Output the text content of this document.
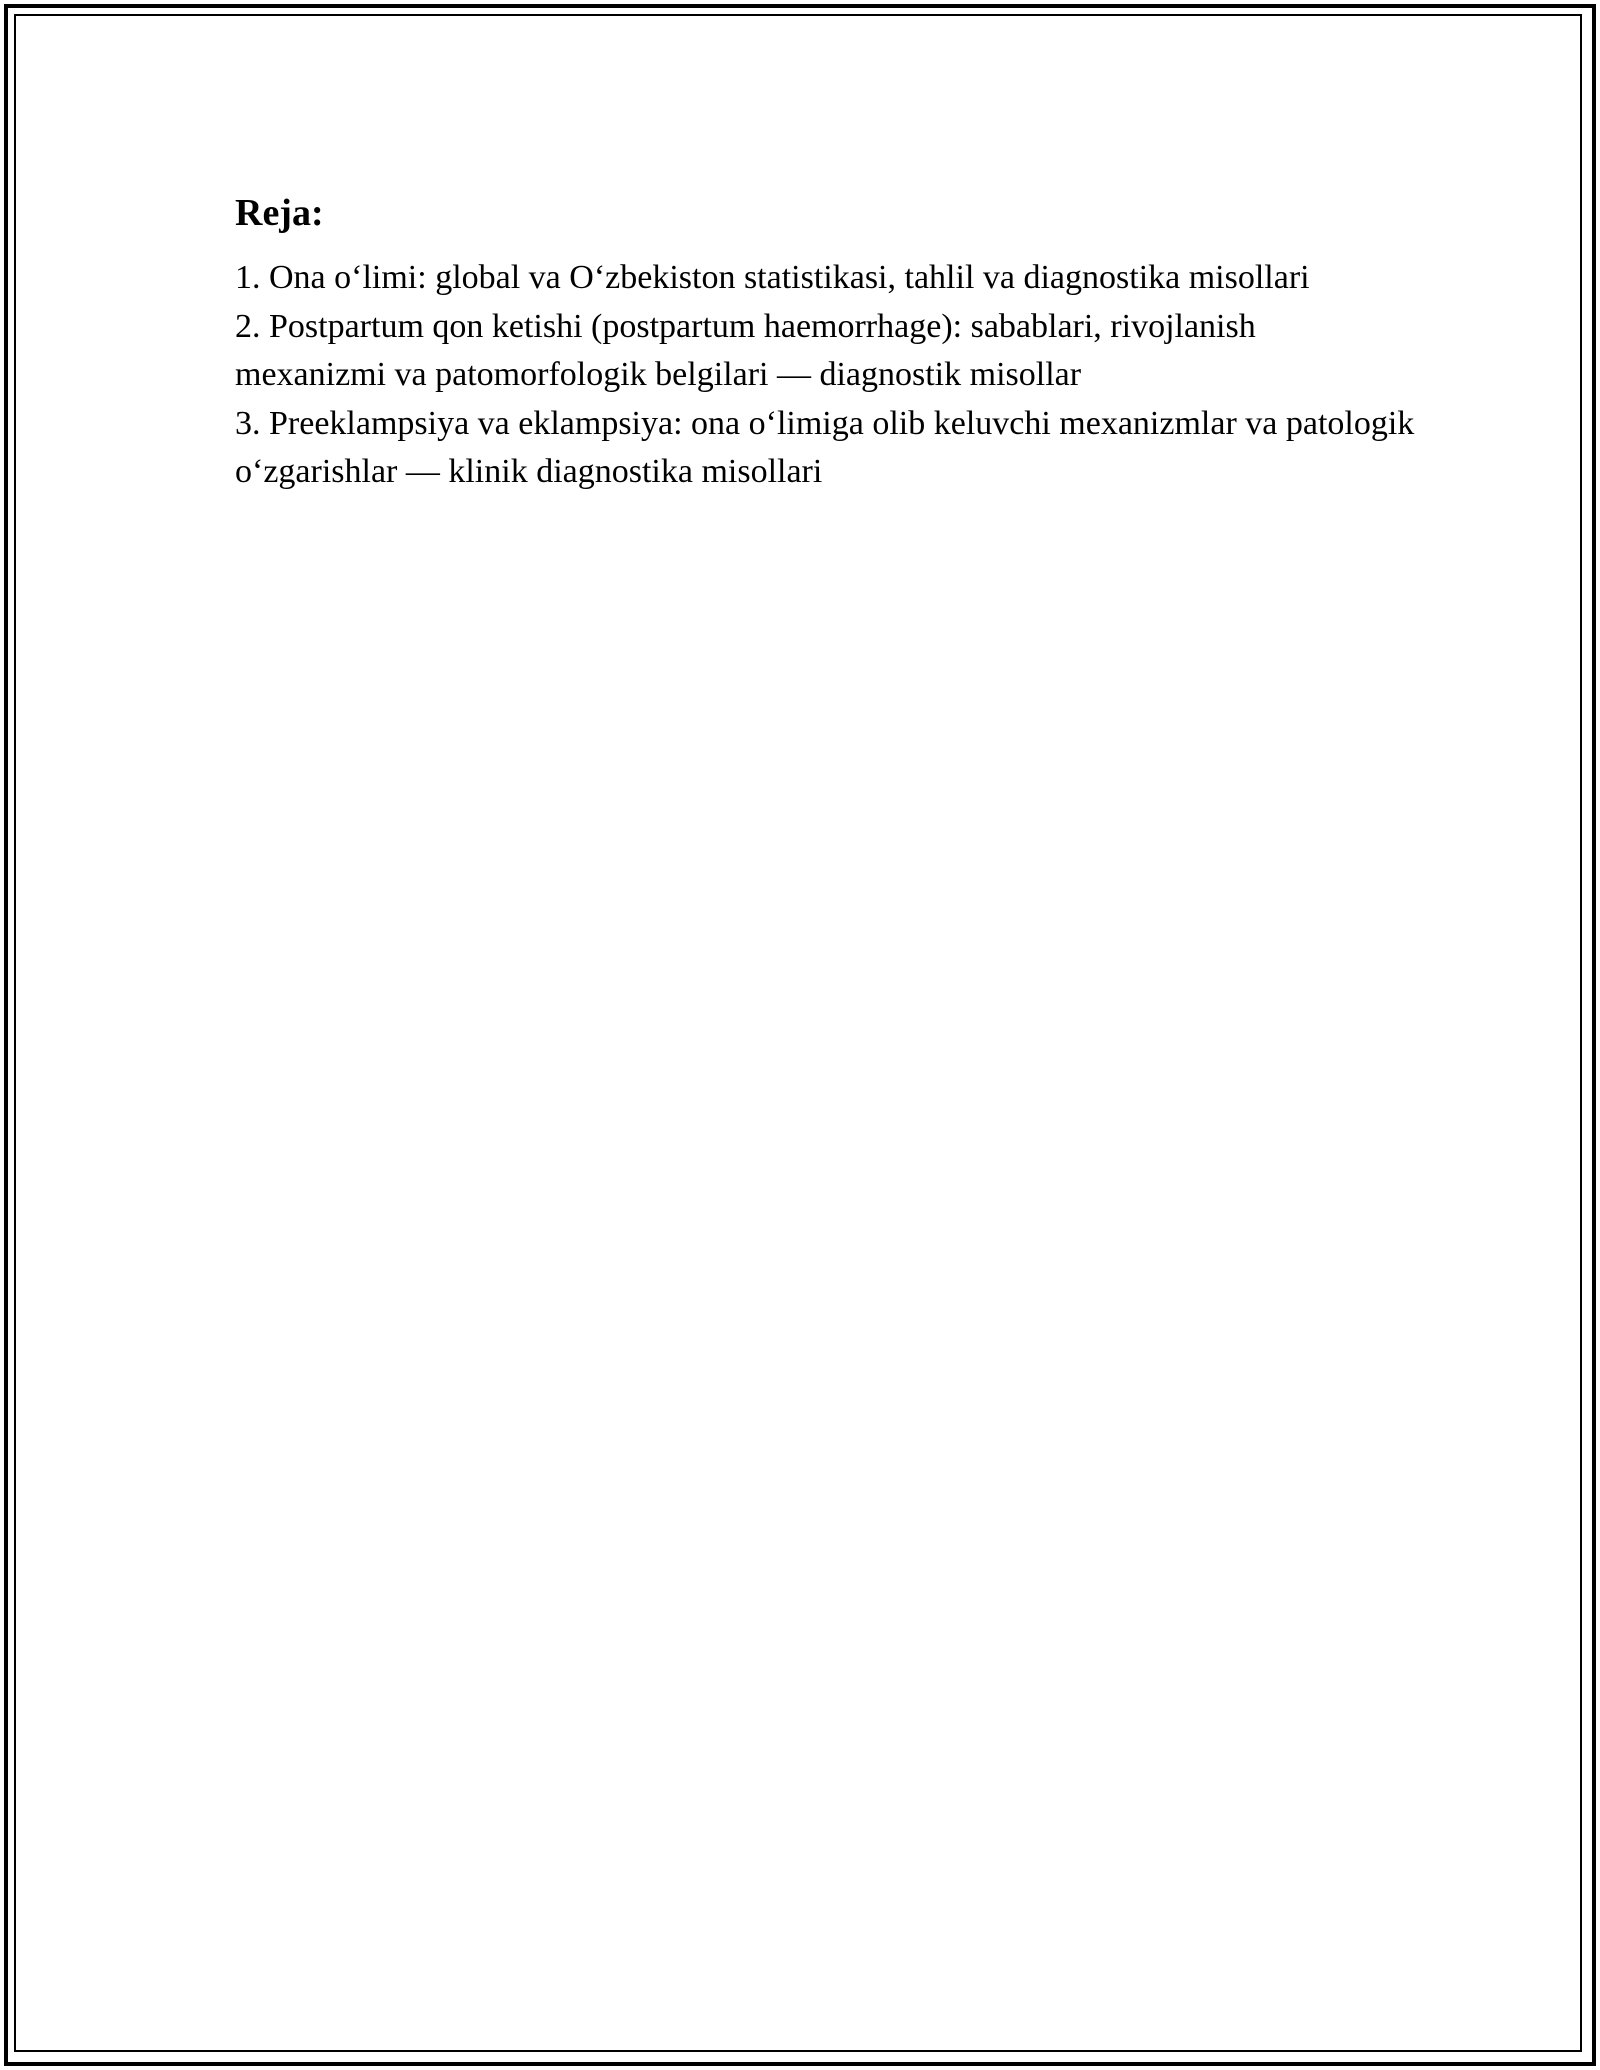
Reja:
1. Ona o‘limi: global va O‘zbekiston statistikasi, tahlil va diagnostika misollari
2. Postpartum qon ketishi (postpartum haemorrhage): sabablari, rivojlanish mexanizmi va patomorfologik belgilari — diagnostik misollar
3. Preeklampsiya va eklampsiya: ona o‘limiga olib keluvchi mexanizmlar va patologik o‘zgarishlar — klinik diagnostika misollari
